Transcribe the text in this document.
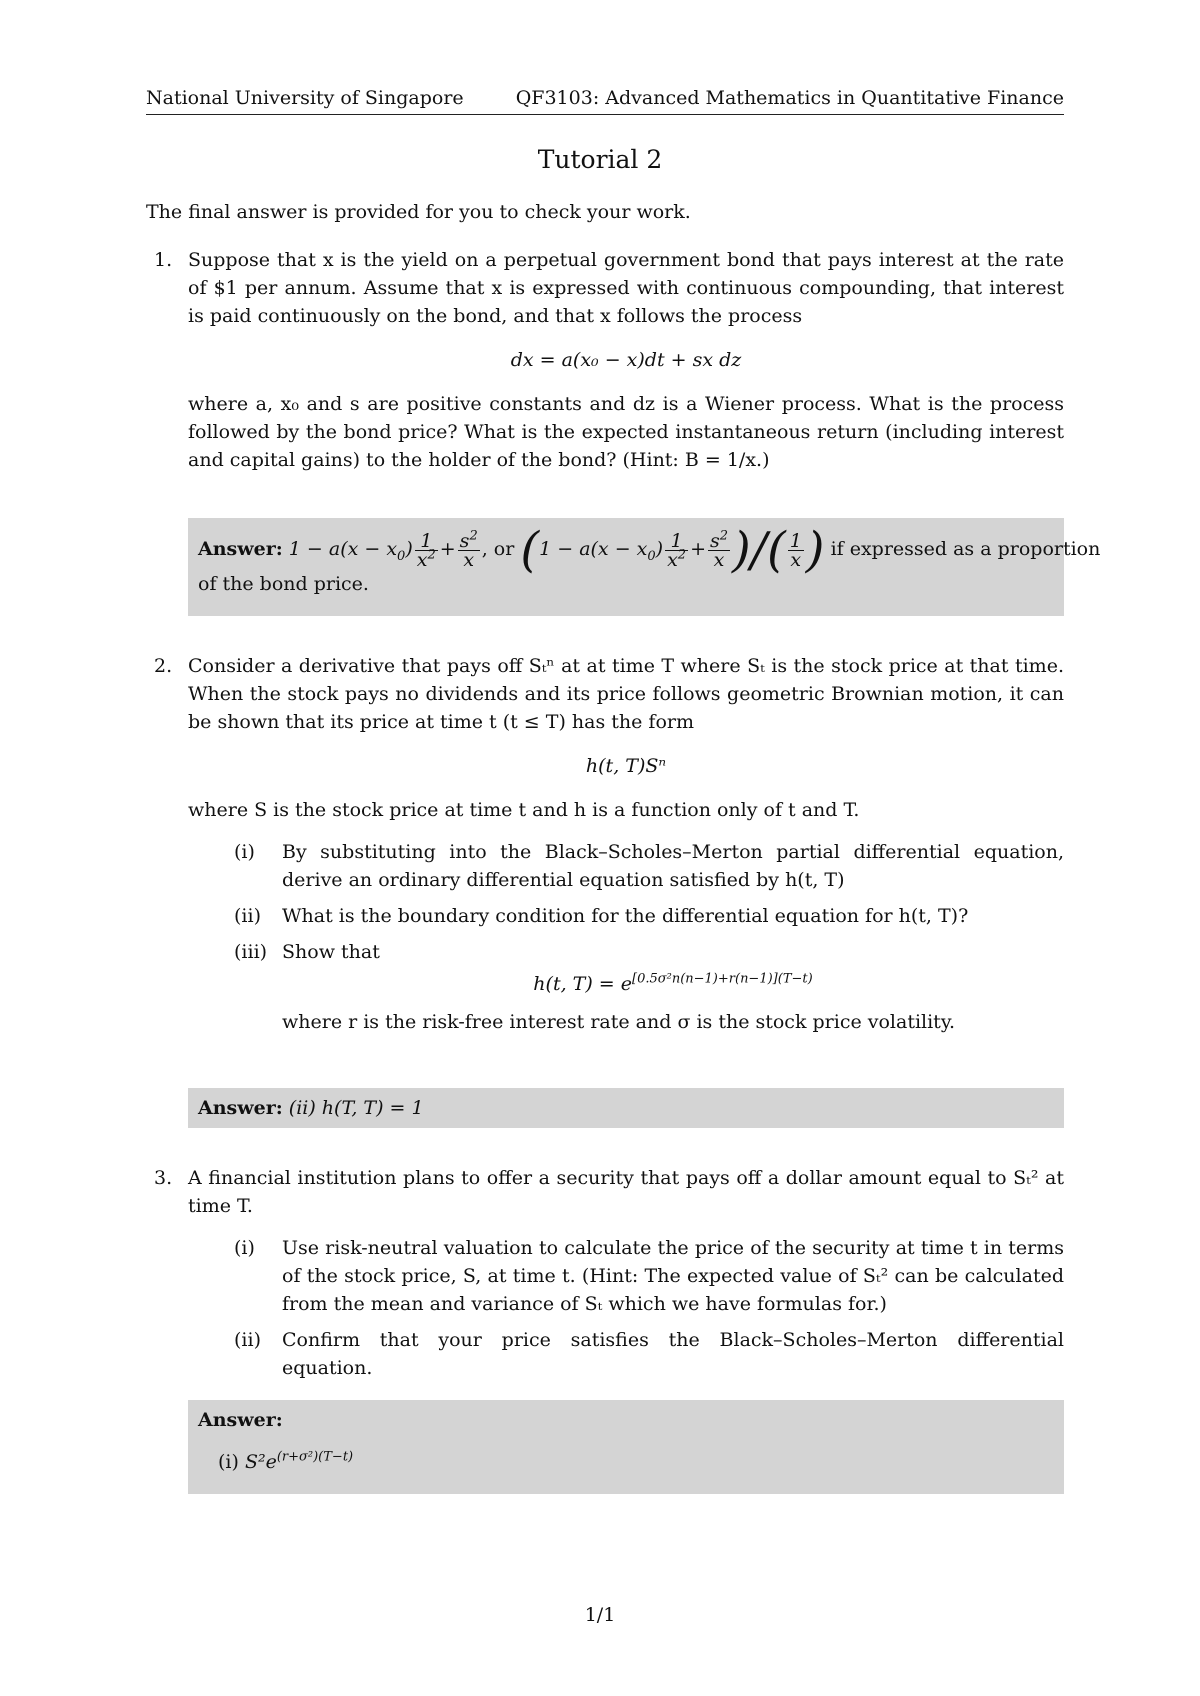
National University of Singapore	QF3103: Advanced Mathematics in Quantitative Finance
Tutorial 2
The final answer is provided for you to check your work.
1. Suppose that x is the yield on a perpetual government bond that pays interest at the rate of $1 per annum. Assume that x is expressed with continuous compounding, that interest is paid continuously on the bond, and that x follows the process
dx = a(x₀ − x)dt + sx dz
where a, x₀ and s are positive constants and dz is a Wiener process. What is the process followed by the bond price? What is the expected instantaneous return (including interest and capital gains) to the holder of the bond? (Hint: B = 1/x.)
Answer: $1 - a(x - x_0) \frac{1}{x^2} + \frac{s^2}{x}$ , or ($1 - a(x - x_0) \frac{1}{x^2} + \frac{s^2}{x}$ )/( $\frac{1}{x}$ ) if expressed as a proportion
of the bond price.
2. Consider a derivative that pays off Sₜⁿ at at time T where Sₜ is the stock price at that time. When the stock pays no dividends and its price follows geometric Brownian motion, it can be shown that its price at time t (t ≤ T) has the form
h(t, T)Sⁿ
where S is the stock price at time t and h is a function only of t and T.
(i) By substituting into the Black–Scholes–Merton partial differential equation, derive an ordinary differential equation satisfied by h(t, T)
(ii) What is the boundary condition for the differential equation for h(t, T)?
(iii) Show that
h(t, $T) = e^{[0.5\sigma^2n(n-1)+r(n-1)](T-t)}$
where r is the risk-free interest rate and σ is the stock price volatility.
Answer: (ii) h(T, T) = 1
3. A financial institution plans to offer a security that pays off a dollar amount equal to Sₜ² at time T.
(i) Use risk-neutral valuation to calculate the price of the security at time t in terms of the stock price, S, at time t. (Hint: The expected value of Sₜ² can be calculated from the mean and variance of Sₜ which we have formulas for.)
(ii) Confirm that your price satisfies the Black–Scholes–Merton differential equation.
Answer:
(i) $S^2e^{(r+\sigma^2)(T-t)}$
1/1
